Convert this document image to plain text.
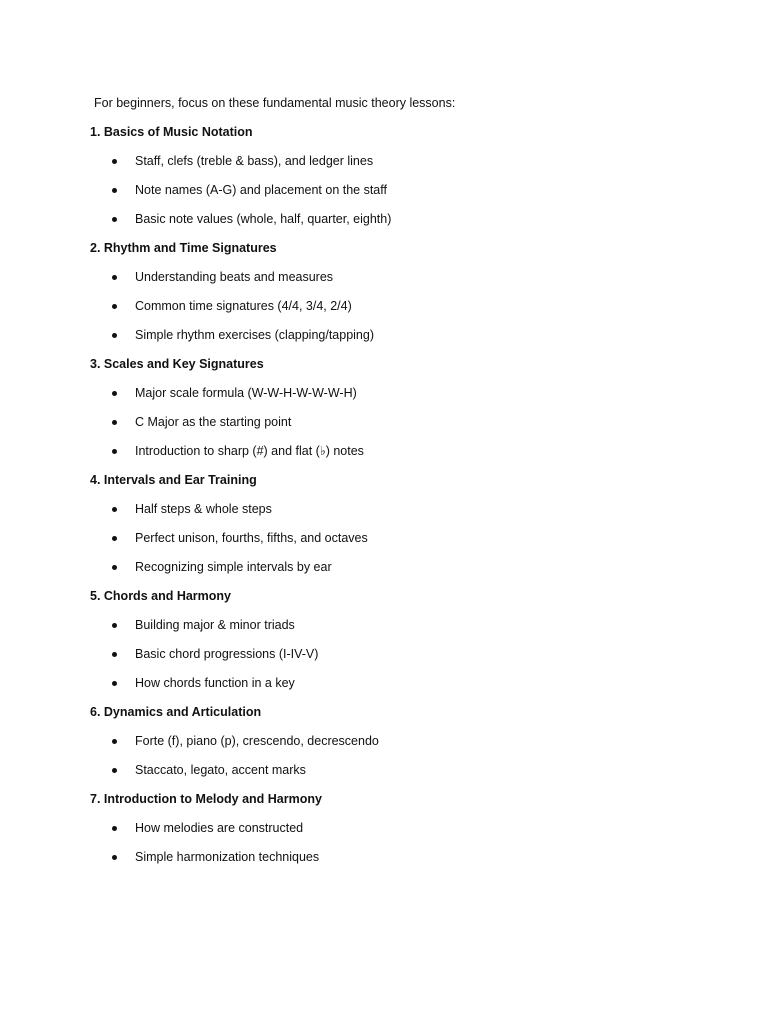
For beginners, focus on these fundamental music theory lessons:
1. Basics of Music Notation
Staff, clefs (treble & bass), and ledger lines
Note names (A-G) and placement on the staff
Basic note values (whole, half, quarter, eighth)
2. Rhythm and Time Signatures
Understanding beats and measures
Common time signatures (4/4, 3/4, 2/4)
Simple rhythm exercises (clapping/tapping)
3. Scales and Key Signatures
Major scale formula (W-W-H-W-W-W-H)
C Major as the starting point
Introduction to sharp (#) and flat (♭) notes
4. Intervals and Ear Training
Half steps & whole steps
Perfect unison, fourths, fifths, and octaves
Recognizing simple intervals by ear
5. Chords and Harmony
Building major & minor triads
Basic chord progressions (I-IV-V)
How chords function in a key
6. Dynamics and Articulation
Forte (f), piano (p), crescendo, decrescendo
Staccato, legato, accent marks
7. Introduction to Melody and Harmony
How melodies are constructed
Simple harmonization techniques
